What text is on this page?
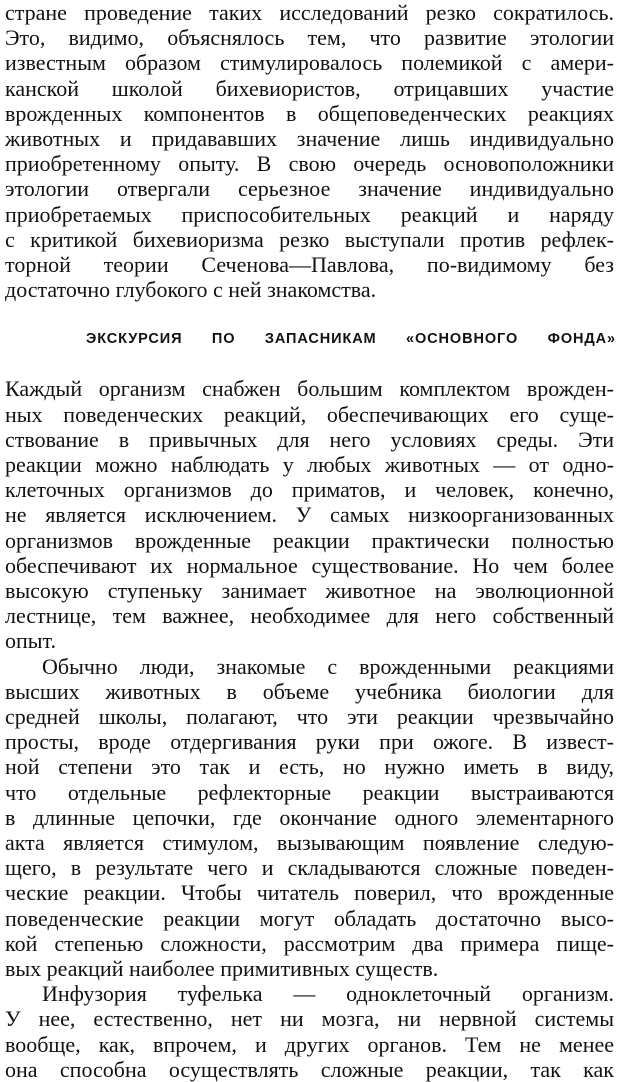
стране проведение таких исследований резко сократилось.
Это, видимо, объяснялось тем, что развитие этологии
известным образом стимулировалось полемикой с амери-
канской школой бихевиористов, отрицавших участие
врожденных компонентов в общеповеденческих реакциях
животных и придававших значение лишь индивидуально
приобретенному опыту. В свою очередь основоположники
этологии отвергали серьезное значение индивидуально
приобретаемых приспособительных реакций и наряду
с критикой бихевиоризма резко выступали против рефлек-
торной теории Сеченова—Павлова, по-видимому без
достаточно глубокого с ней знакомства.
ЭКСКУРСИЯ ПО ЗАПАСНИКАМ «ОСНОВНОГО ФОНДА»
Каждый организм снабжен большим комплектом врожден-
ных поведенческих реакций, обеспечивающих его суще-
ствование в привычных для него условиях среды. Эти
реакции можно наблюдать у любых животных — от одно-
клеточных организмов до приматов, и человек, конечно,
не является исключением. У самых низкоорганизованных
организмов врожденные реакции практически полностью
обеспечивают их нормальное существование. Но чем более
высокую ступеньку занимает животное на эволюционной
лестнице, тем важнее, необходимее для него собственный
опыт.
Обычно люди, знакомые с врожденными реакциями
высших животных в объеме учебника биологии для
средней школы, полагают, что эти реакции чрезвычайно
просты, вроде отдергивания руки при ожоге. В извест-
ной степени это так и есть, но нужно иметь в виду,
что отдельные рефлекторные реакции выстраиваются
в длинные цепочки, где окончание одного элементарного
акта является стимулом, вызывающим появление следую-
щего, в результате чего и складываются сложные поведен-
ческие реакции. Чтобы читатель поверил, что врожденные
поведенческие реакции могут обладать достаточно высо-
кой степенью сложности, рассмотрим два примера пище-
вых реакций наиболее примитивных существ.
Инфузория туфелька — одноклеточный организм.
У нее, естественно, нет ни мозга, ни нервной системы
вообще, как, впрочем, и других органов. Тем не менее
она способна осуществлять сложные реакции, так как
